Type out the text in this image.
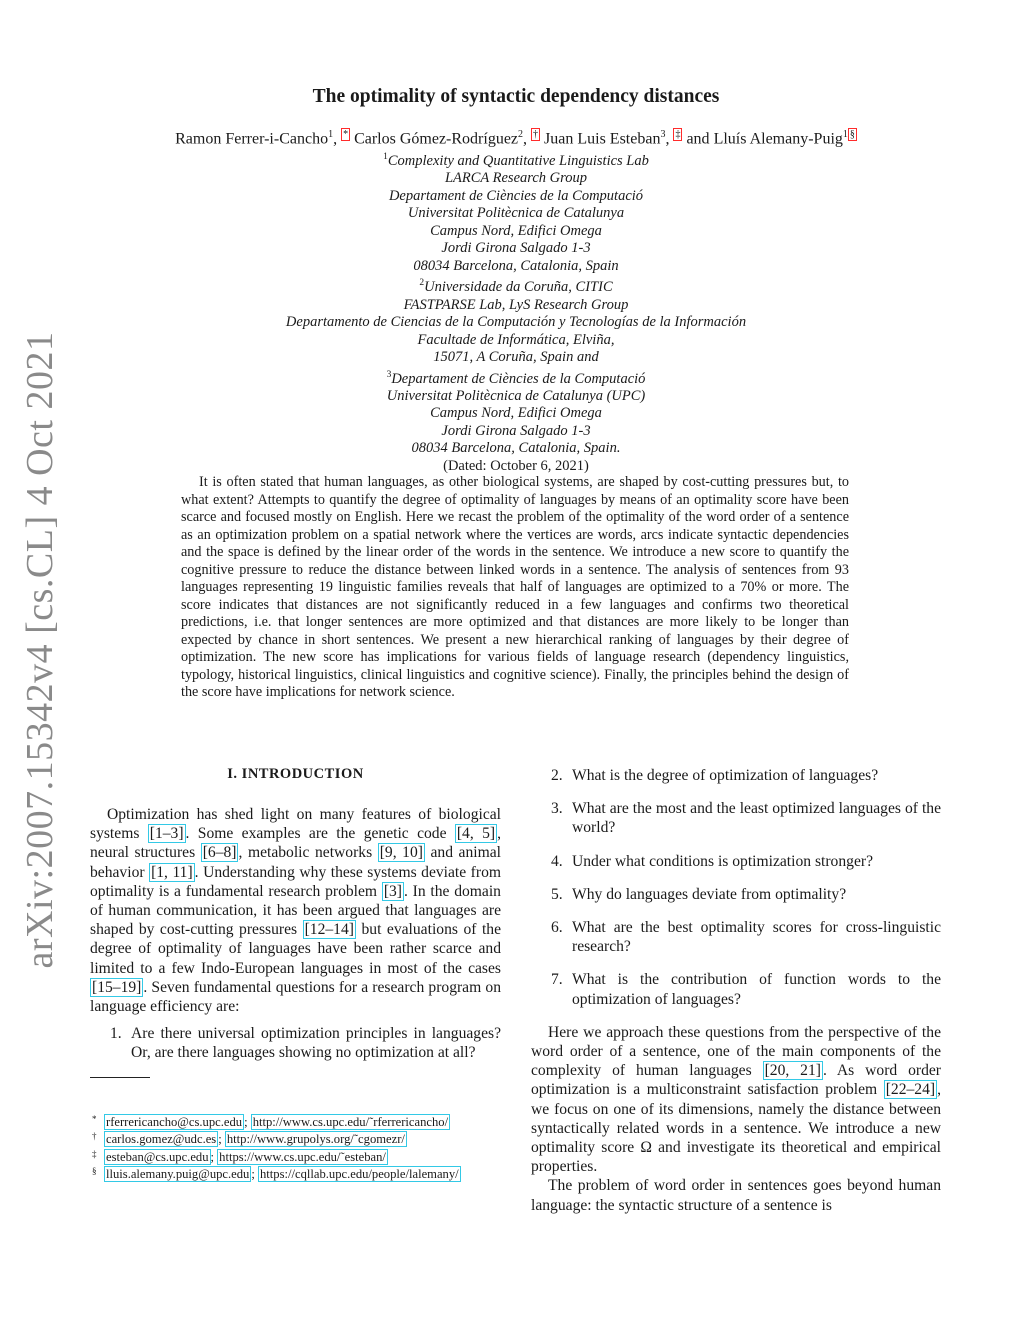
arXiv:2007.15342v4 [cs.CL] 4 Oct 2021
The optimality of syntactic dependency distances
Ramon Ferrer-i-Cancho$^1$, * Carlos Gómez-Rodríguez$^2$, † Juan Luis Esteban$^3$, ‡ and Lluís Alemany-Puig$^1$ §
$^1$Complexity and Quantitative Linguistics Lab
LARCA Research Group
Departament de Ciències de la Computació
Universitat Politècnica de Catalunya
Campus Nord, Edifici Omega
Jordi Girona Salgado 1-3
08034 Barcelona, Catalonia, Spain
$^2$Universidade da Coruña, CITIC
FASTPARSE Lab, LyS Research Group
Departamento de Ciencias de la Computación y Tecnologías de la Información
Facultade de Informática, Elviña,
15071, A Coruña, Spain and
$^3$Departament de Ciències de la Computació
Universitat Politècnica de Catalunya (UPC)
Campus Nord, Edifici Omega
Jordi Girona Salgado 1-3
08034 Barcelona, Catalonia, Spain.
(Dated: October 6, 2021)

It is often stated that human languages, as other biological systems, are shaped by cost-cutting pressures but, to what extent? Attempts to quantify the degree of optimality of languages by means of an optimality score have been scarce and focused mostly on English. Here we recast the problem of the optimality of the word order of a sentence as an optimization problem on a spatial network where the vertices are words, arcs indicate syntactic dependencies and the space is defined by the linear order of the words in the sentence. We introduce a new score to quantify the cognitive pressure to reduce the distance between linked words in a sentence. The analysis of sentences from 93 languages representing 19 linguistic families reveals that half of languages are optimized to a 70% or more. The score indicates that distances are not significantly reduced in a few languages and confirms two theoretical predictions, i.e. that longer sentences are more optimized and that distances are more likely to be longer than expected by chance in short sentences. We present a new hierarchical ranking of languages by their degree of optimization. The new score has implications for various fields of language research (dependency linguistics, typology, historical linguistics, clinical linguistics and cognitive science). Finally, the principles behind the design of the score have implications for network science.

I. INTRODUCTION

Optimization has shed light on many features of biological systems [1–3] . Some examples are the genetic code [4, 5] , neural structures [6–8] , metabolic networks [9, 10] and animal behavior [1, 11] . Understanding why these systems deviate from optimality is a fundamental research problem [3] . In the domain of human communication, it has been argued that languages are shaped by cost-cutting pressures [12–14] but evaluations of the degree of optimality of languages have been rather scarce and limited to a few Indo-European languages in most of the cases [15–19] . Seven fundamental questions for a research program on language efficiency are:

1. Are there universal optimization principles in languages? Or, are there languages showing no optimization at all?
* rferrericancho@cs.upc.edu ; http://www.cs.upc.edu/˜rferrericancho/
† carlos.gomez@udc.es ; http://www.grupolys.org/˜cgomezr/
‡ esteban@cs.upc.edu ; https://www.cs.upc.edu/˜esteban/
§ lluis.alemany.puig@upc.edu ; https://cqllab.upc.edu/people/lalemany/
2. What is the degree of optimization of languages?
3. What are the most and the least optimized languages of the world?
4. Under what conditions is optimization stronger?
5. Why do languages deviate from optimality?
6. What are the best optimality scores for cross-linguistic research?
7. What is the contribution of function words to the optimization of languages?

Here we approach these questions from the perspective of the word order of a sentence, one of the main components of the complexity of human languages [20, 21] . As word order optimization is a multiconstraint satisfaction problem [22–24] , we focus on one of its dimensions, namely the distance between syntactically related words in a sentence. We introduce a new optimality score Ω and investigate its theoretical and empirical properties.

The problem of word order in sentences goes beyond human language: the syntactic structure of a sentence is
